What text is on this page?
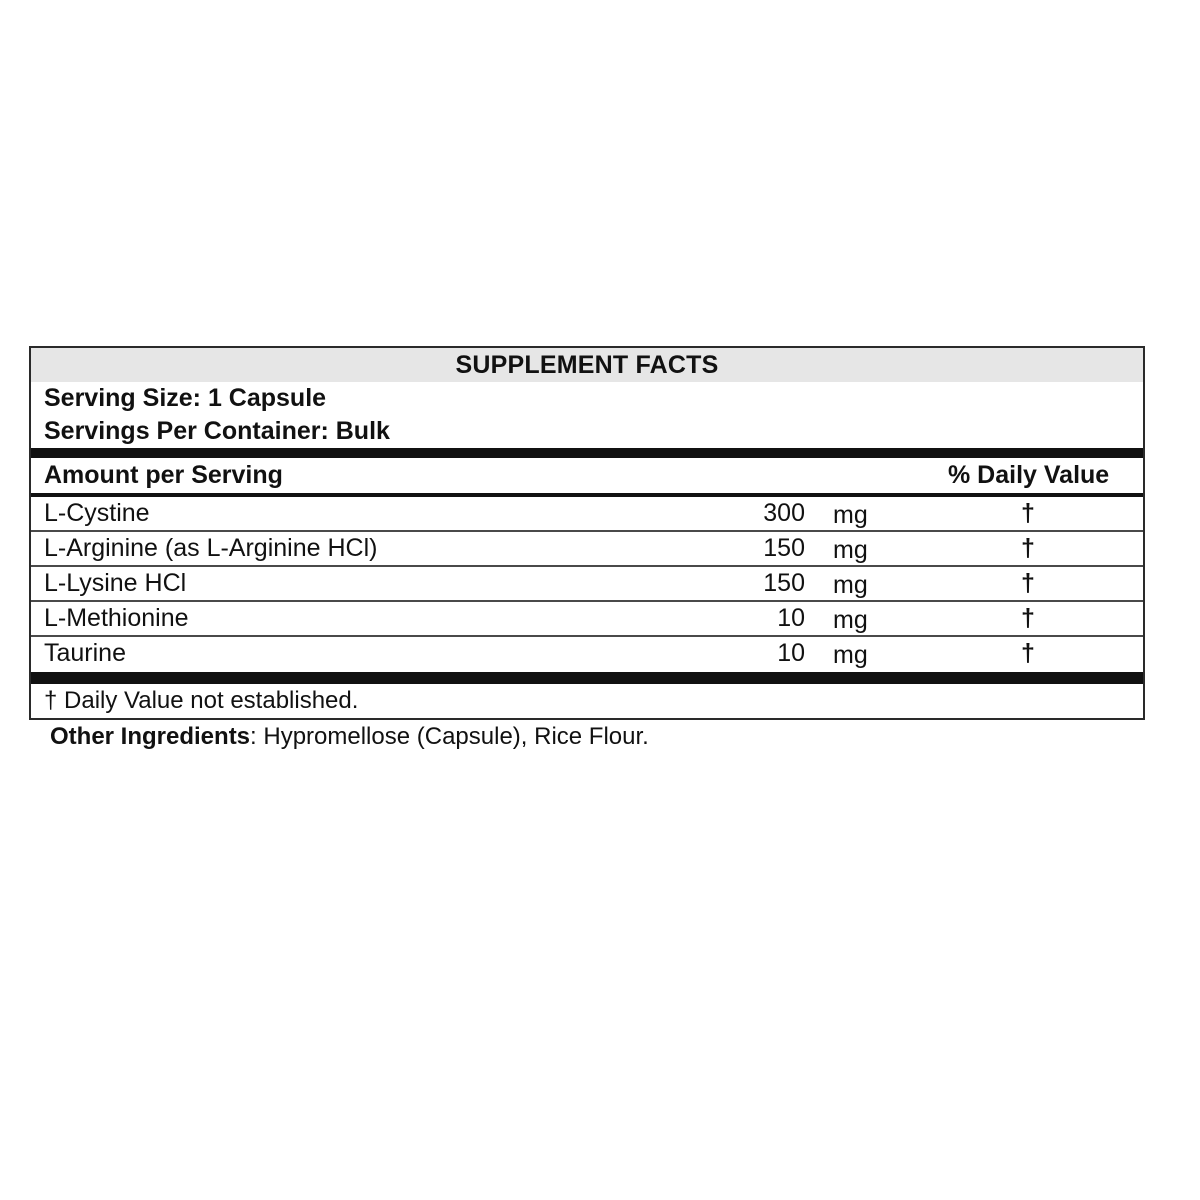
SUPPLEMENT FACTS
Serving Size: 1 Capsule
Servings Per Container: Bulk
Amount per Serving	% Daily Value
L-Cystine	300 mg	†
L-Arginine (as L-Arginine HCl)	150 mg	†
L-Lysine HCl	150 mg	†
L-Methionine	10 mg	†
Taurine	10 mg	†
† Daily Value not established.
Other Ingredients: Hypromellose (Capsule), Rice Flour.
